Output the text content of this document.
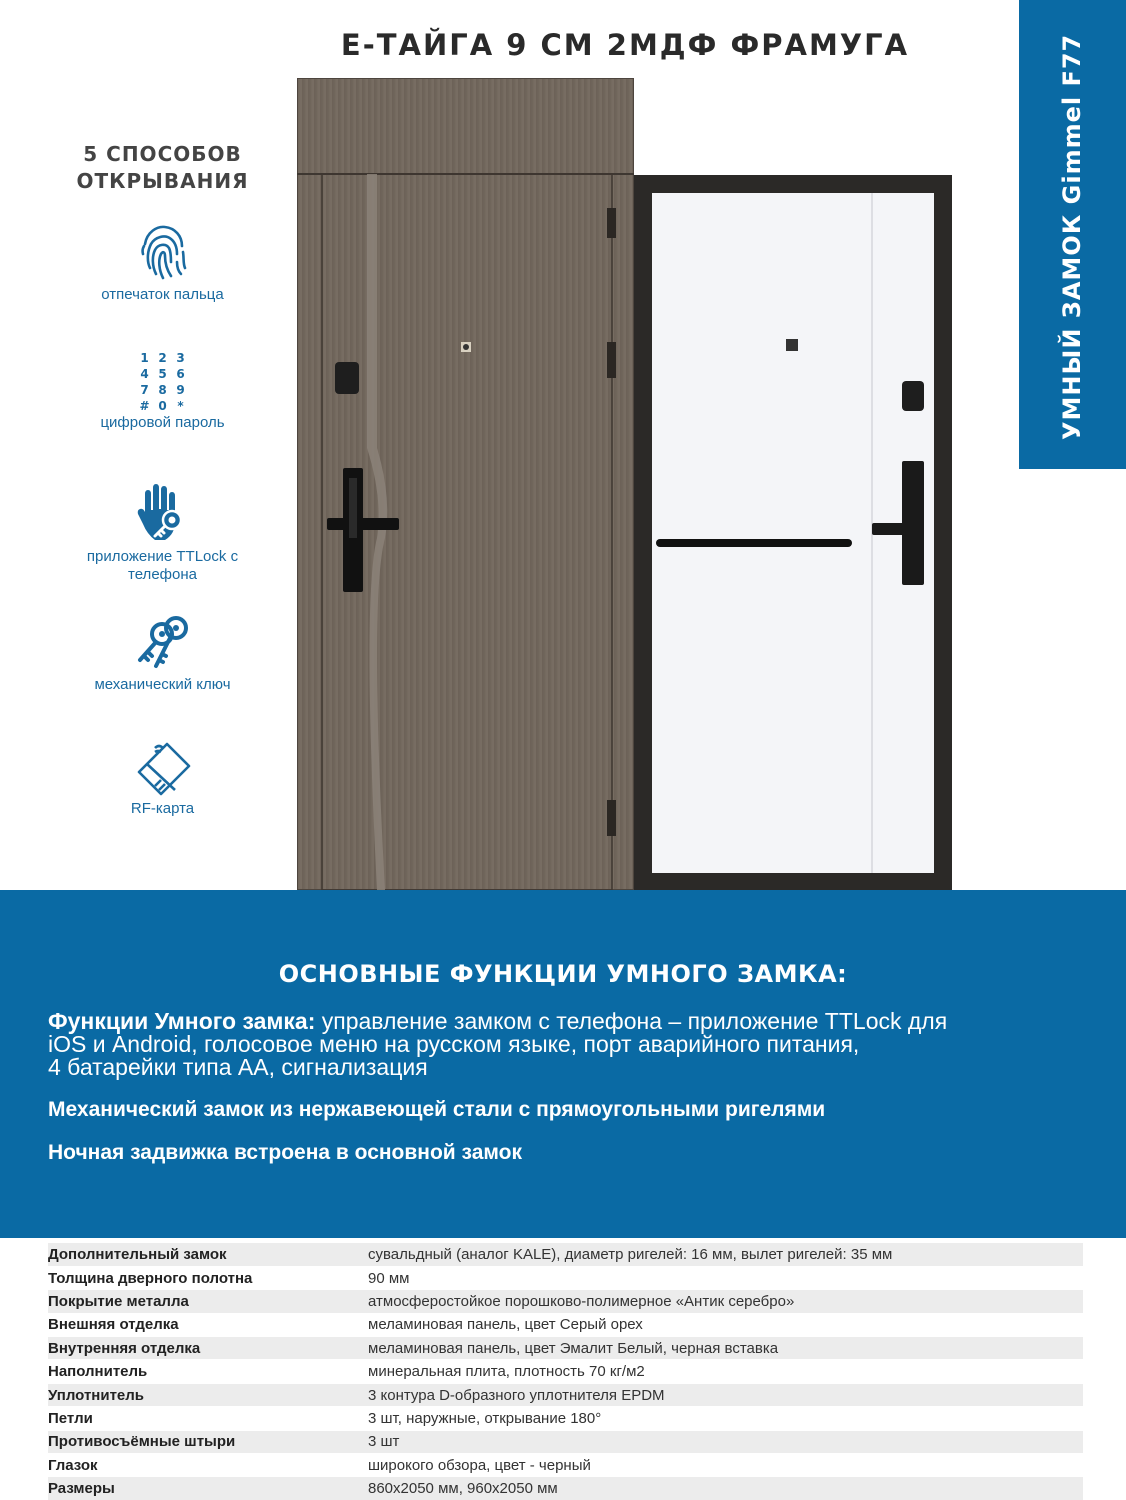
Е-ТАЙГА 9 СМ 2МДФ ФРАМУГА	УМНЫЙ ЗАМОК Gimmel F77
5 СПОСОБОВ ОТКРЫВАНИЯ
отпечаток пальца
1 2 3
4 5 6
7 8 9
# 0 *
цифровой пароль
приложение TTLock с телефона
механический ключ
RF-карта
ОСНОВНЫЕ ФУНКЦИИ УМНОГО ЗАМКА:
Функции Умного замка: управление замком с телефона – приложение TTLock для
iOS и Android, голосовое меню на русском языке, порт аварийного питания,
4 батарейки типа АА, сигнализация
Механический замок из нержавеющей стали с прямоугольными ригелями
Ночная задвижка встроена в основной замок
Дополнительный замок	сувальдный (аналог KALE), диаметр ригелей: 16 мм, вылет ригелей: 35 мм
Толщина дверного полотна	90 мм
Покрытие металла	атмосферостойкое порошково-полимерное «Антик серебро»
Внешняя отделка	меламиновая панель, цвет Серый орех
Внутренняя отделка	меламиновая панель, цвет Эмалит Белый, черная вставка
Наполнитель	минеральная плита, плотность 70 кг/м2
Уплотнитель	3 контура D-образного уплотнителя EPDM
Петли	3 шт, наружные, открывание 180°
Противосъёмные штыри	3 шт
Глазок	широкого обзора, цвет - черный
Размеры	860х2050 мм, 960х2050 мм
